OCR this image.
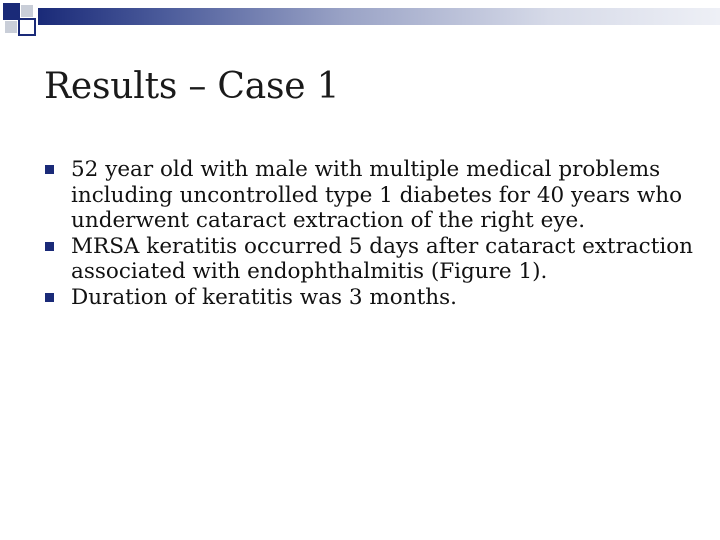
Results – Case 1
52 year old with male with multiple medical problems including uncontrolled type 1 diabetes for 40 years who underwent cataract extraction of the right eye.
MRSA keratitis occurred 5 days after cataract extraction associated with endophthalmitis (Figure 1).
Duration of keratitis was 3 months.
